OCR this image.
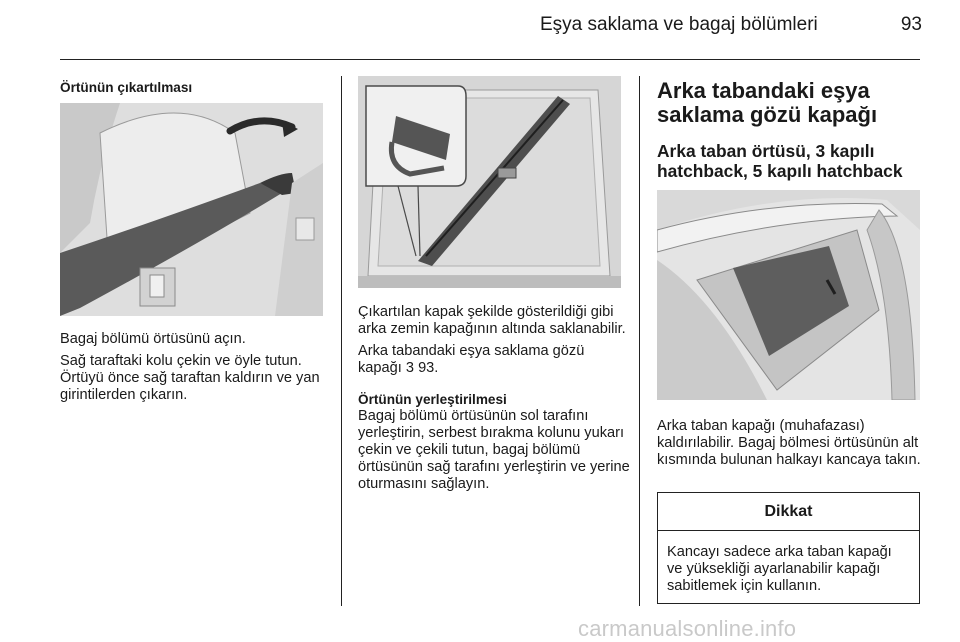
Eşya saklama ve bagaj bölümleri	93
Örtünün çıkartılması

Bagaj bölümü örtüsünü açın.

Sağ taraftaki kolu çekin ve öyle tutun. Örtüyü önce sağ taraftan kaldırın ve yan girintilerden çıkarın.

Çıkartılan kapak şekilde gösterildiği gibi arka zemin kapağının altında saklanabilir.

Arka tabandaki eşya saklama gözü kapağı 3 93.

Örtünün yerleştirilmesi

Bagaj bölümü örtüsünün sol tarafını yerleştirin, serbest bırakma kolunu yukarı çekin ve çekili tutun, bagaj bölümü örtüsünün sağ tarafını yerleştirin ve yerine oturmasını sağlayın.

Arka tabandaki eşya saklama gözü kapağı
Arka taban örtüsü, 3 kapılı hatchback, 5 kapılı hatchback

Arka taban kapağı (muhafazası) kaldırılabilir. Bagaj bölmesi örtüsünün alt kısmında bulunan halkayı kancaya takın.

Dikkat
Kancayı sadece arka taban kapağı ve yüksekliği ayarlanabilir kapağı sabitlemek için kullanın.
carmanualsonline.info
